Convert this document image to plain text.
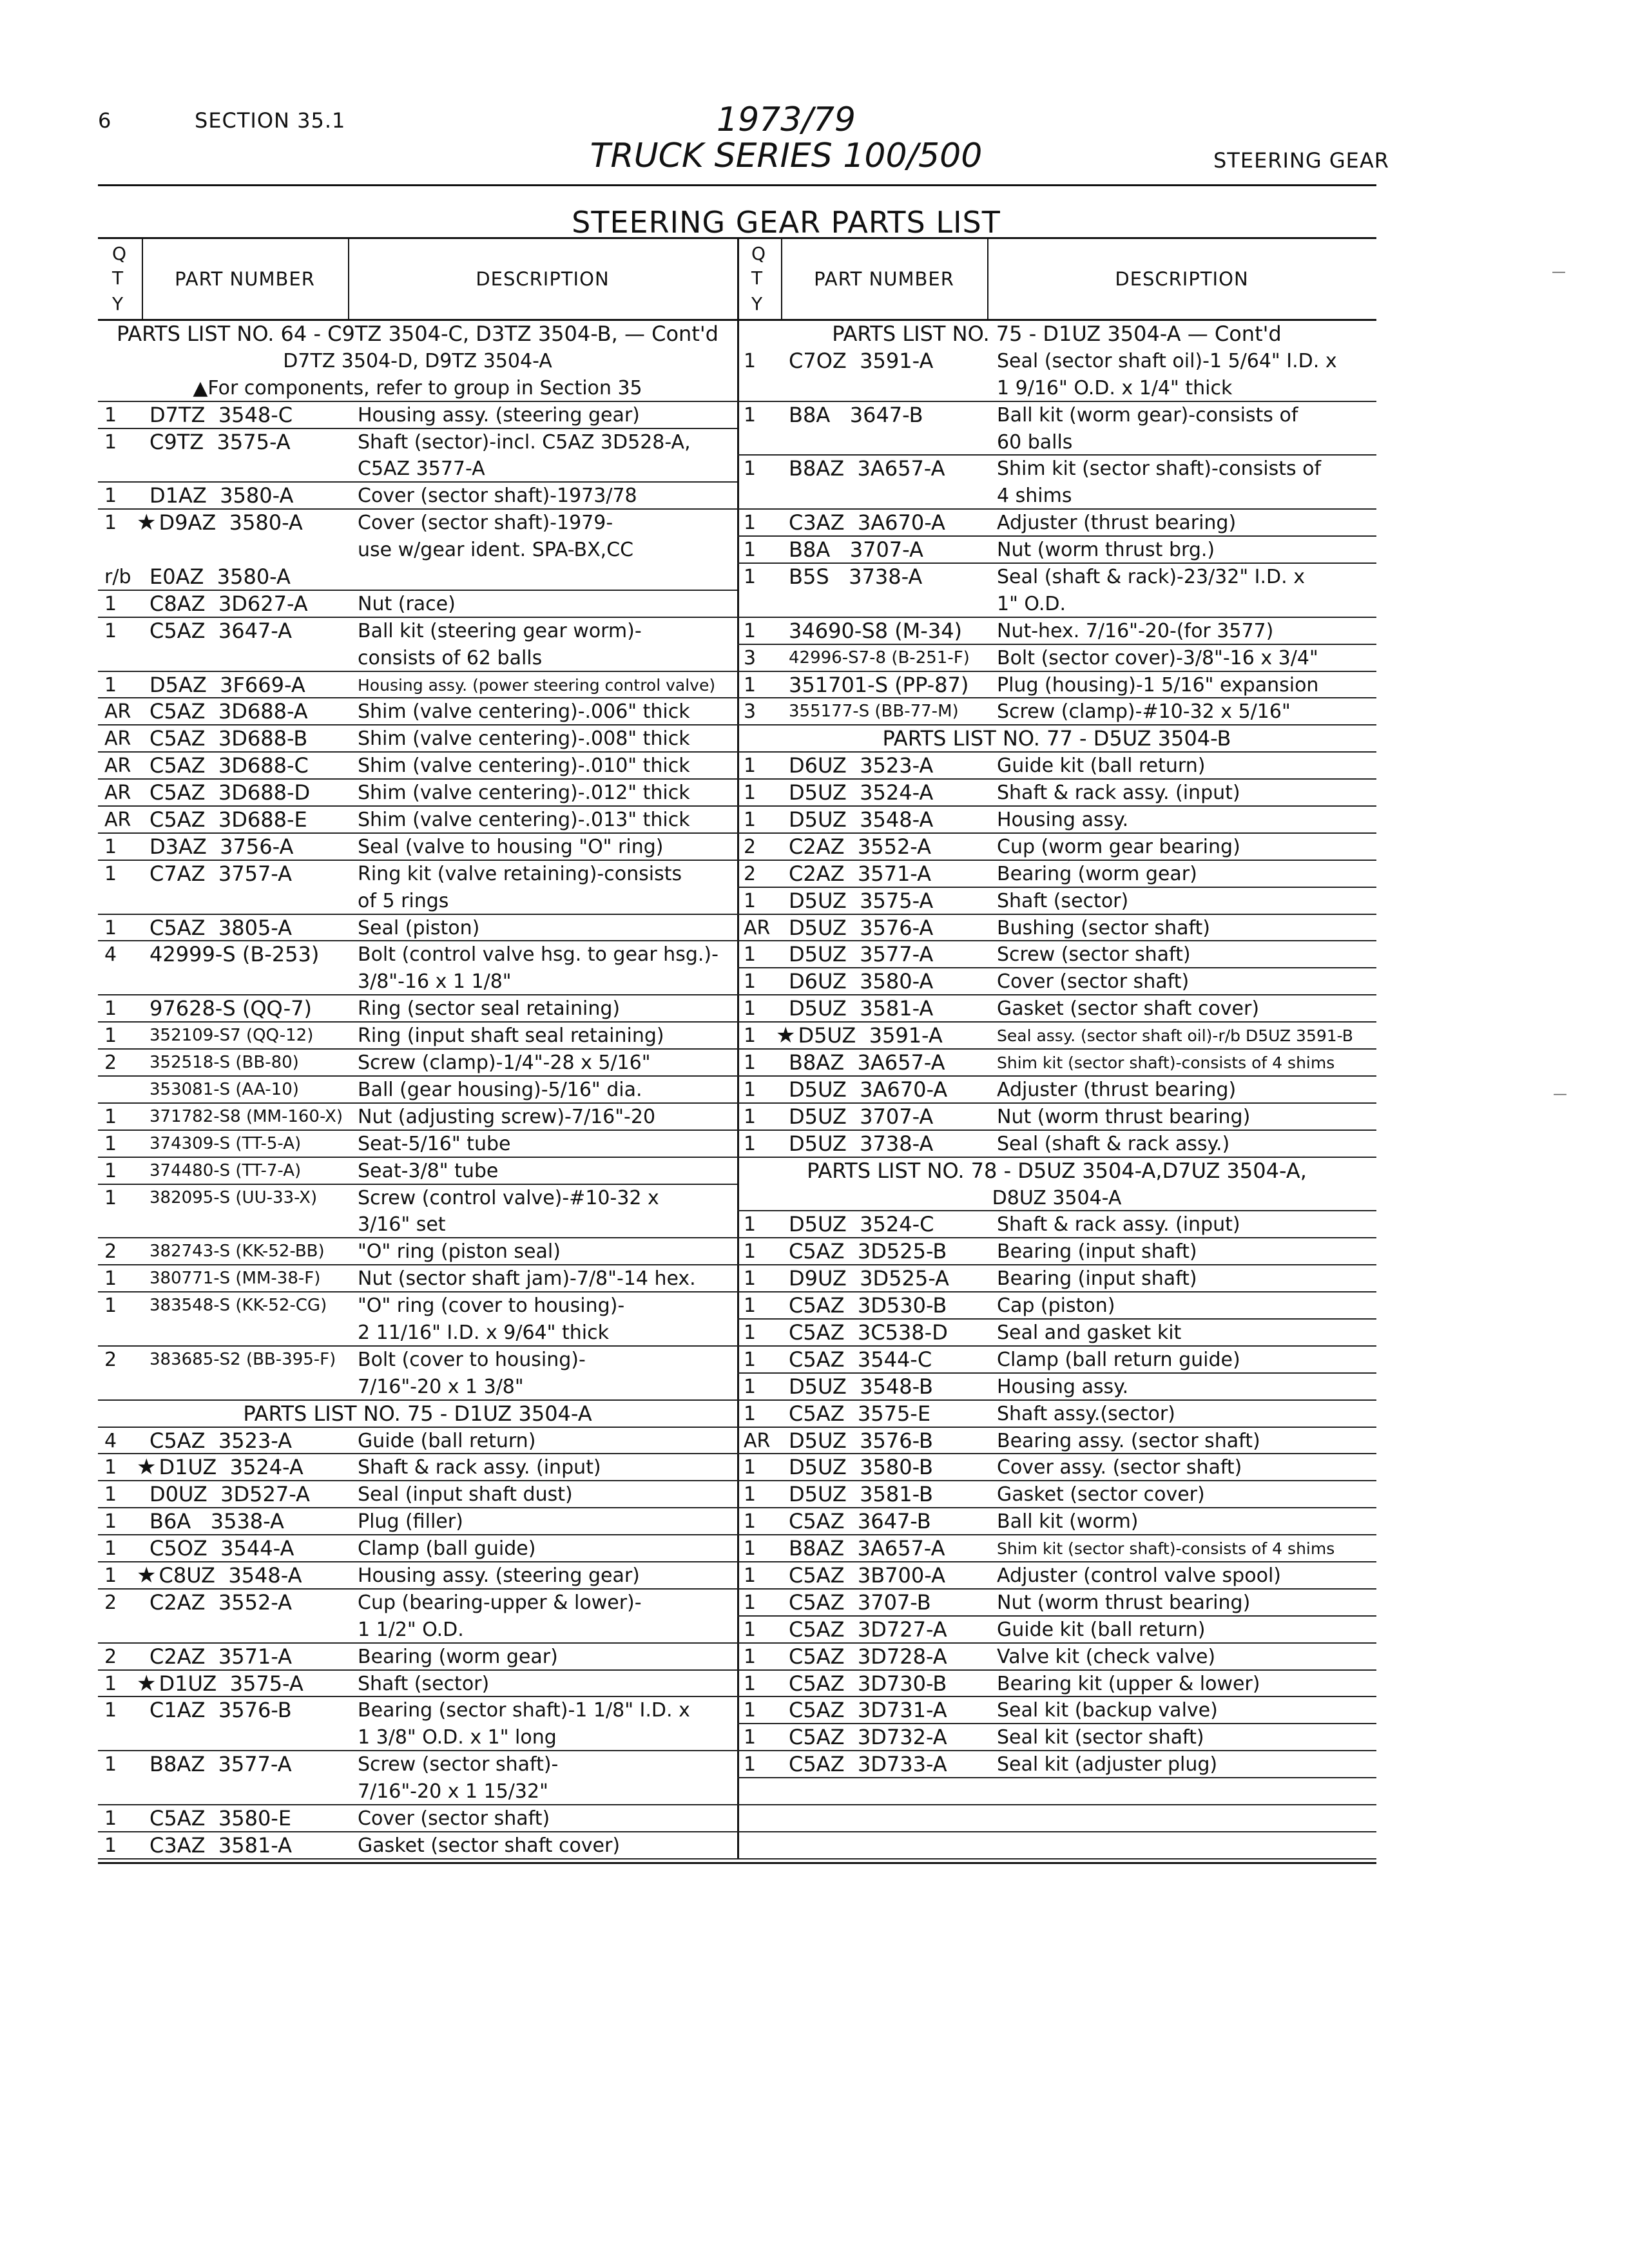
6	SECTION 35.1	1973/79
TRUCK SERIES 100/500	STEERING GEAR
STEERING GEAR PARTS LIST
Q
T
Y
PART NUMBER	DESCRIPTION
PARTS LIST NO. 64 - C9TZ 3504-C, D3TZ 3504-B, — Cont'd
D7TZ 3504-D, D9TZ 3504-A
▲For components, refer to group in Section 35
1	D7TZ  3548-C	Housing assy. (steering gear)
1	C9TZ  3575-A	Shaft (sector)-incl. C5AZ 3D528-A,
C5AZ 3577-A
1	D1AZ  3580-A	Cover (sector shaft)-1973/78
1 ★ D9AZ  3580-A	Cover (sector shaft)-1979-
use w/gear ident. SPA-BX,CC
r/b E0AZ  3580-A
1	C8AZ  3D627-A	Nut (race)
1	C5AZ  3647-A	Ball kit (steering gear worm)-
consists of 62 balls
1	D5AZ  3F669-A	Housing assy. (power steering control valve)
AR C5AZ  3D688-A	Shim (valve centering)-.006" thick
AR C5AZ  3D688-B	Shim (valve centering)-.008" thick
AR C5AZ  3D688-C	Shim (valve centering)-.010" thick
AR C5AZ  3D688-D Shim (valve centering)-.012" thick
AR C5AZ  3D688-E	Shim (valve centering)-.013" thick
1	D3AZ  3756-A	Seal (valve to housing "O" ring)
1	C7AZ  3757-A	Ring kit (valve retaining)-consists
of 5 rings
1	C5AZ  3805-A	Seal (piston)
4	42999-S (B-253) Bolt (control valve hsg. to gear hsg.)-
3/8"-16 x 1 1/8"
1	97628-S (QQ-7) Ring (sector seal retaining)
1	352109-S7 (QQ-12) Ring (input shaft seal retaining)
2	352518-S (BB-80)	Screw (clamp)-1/4"-28 x 5/16"
353081-S (AA-10)	Ball (gear housing)-5/16" dia.
1	371782-S8 (MM-160-X) Nut (adjusting screw)-7/16"-20
1	374309-S (TT-5-A)	Seat-5/16" tube
1	374480-S (TT-7-A)	Seat-3/8" tube
1	382095-S (UU-33-X) Screw (control valve)-#10-32 x
3/16" set
2	382743-S (KK-52-BB) "O" ring (piston seal)
1	380771-S (MM-38-F) Nut (sector shaft jam)-7/8"-14 hex.
1	383548-S (KK-52-CG) "O" ring (cover to housing)-
2 11/16" I.D. x 9/64" thick
2	383685-S2 (BB-395-F) Bolt (cover to housing)-
7/16"-20 x 1 3/8"
PARTS LIST NO. 75 - D1UZ 3504-A
4	C5AZ  3523-A	Guide (ball return)
1 ★ D1UZ  3524-A	Shaft & rack assy. (input)
1	D0UZ  3D527-A Seal (input shaft dust)
1	B6A   3538-A	Plug (filler)
1	C5OZ  3544-A	Clamp (ball guide)
1 ★ C8UZ  3548-A	Housing assy. (steering gear)
2	C2AZ  3552-A	Cup (bearing-upper & lower)-
1 1/2" O.D.
2	C2AZ  3571-A	Bearing (worm gear)
1 ★ D1UZ  3575-A	Shaft (sector)
1	C1AZ  3576-B	Bearing (sector shaft)-1 1/8" I.D. x
1 3/8" O.D. x 1" long
1	B8AZ  3577-A	Screw (sector shaft)-
7/16"-20 x 1 15/32"
1	C5AZ  3580-E	Cover (sector shaft)
1	C3AZ  3581-A	Gasket (sector shaft cover)
Q
T
Y
PART NUMBER	DESCRIPTION
PARTS LIST NO. 75 - D1UZ 3504-A — Cont'd
1	C7OZ  3591-A	Seal (sector shaft oil)-1 5/64" I.D. x
1 9/16" O.D. x 1/4" thick
1	B8A   3647-B	Ball kit (worm gear)-consists of
60 balls
1	B8AZ  3A657-A	Shim kit (sector shaft)-consists of
4 shims
1	C3AZ  3A670-A	Adjuster (thrust bearing)
1	B8A   3707-A	Nut (worm thrust brg.)
1	B5S   3738-A	Seal (shaft & rack)-23/32" I.D. x
1" O.D.
1	34690-S8 (M-34) Nut-hex. 7/16"-20-(for 3577)
3	42996-S7-8 (B-251-F) Bolt (sector cover)-3/8"-16 x 3/4"
1	351701-S (PP-87) Plug (housing)-1 5/16" expansion
3	355177-S (BB-77-M) Screw (clamp)-#10-32 x 5/16"
PARTS LIST NO. 77 - D5UZ 3504-B
1	D6UZ  3523-A	Guide kit (ball return)
1	D5UZ  3524-A	Shaft & rack assy. (input)
1	D5UZ  3548-A	Housing assy.
2	C2AZ  3552-A	Cup (worm gear bearing)
2	C2AZ  3571-A	Bearing (worm gear)
1	D5UZ  3575-A	Shaft (sector)
AR D5UZ  3576-A	Bushing (sector shaft)
1	D5UZ  3577-A	Screw (sector shaft)
1	D6UZ  3580-A	Cover (sector shaft)
1	D5UZ  3581-A	Gasket (sector shaft cover)
1 ★ D5UZ  3591-A	Seal assy. (sector shaft oil)-r/b D5UZ 3591-B
1	B8AZ  3A657-A	Shim kit (sector shaft)-consists of 4 shims
1	D5UZ  3A670-A	Adjuster (thrust bearing)
1	D5UZ  3707-A	Nut (worm thrust bearing)
1	D5UZ  3738-A	Seal (shaft & rack assy.)
PARTS LIST NO. 78 - D5UZ 3504-A,D7UZ 3504-A,
D8UZ 3504-A
1	D5UZ  3524-C	Shaft & rack assy. (input)
1	C5AZ  3D525-B	Bearing (input shaft)
1	D9UZ  3D525-A Bearing (input shaft)
1	C5AZ  3D530-B	Cap (piston)
1	C5AZ  3C538-D	Seal and gasket kit
1	C5AZ  3544-C	Clamp (ball return guide)
1	D5UZ  3548-B	Housing assy.
1	C5AZ  3575-E	Shaft assy.(sector)
AR D5UZ  3576-B	Bearing assy. (sector shaft)
1	D5UZ  3580-B	Cover assy. (sector shaft)
1	D5UZ  3581-B	Gasket (sector cover)
1	C5AZ  3647-B	Ball kit (worm)
1	B8AZ  3A657-A	Shim kit (sector shaft)-consists of 4 shims
1	C5AZ  3B700-A	Adjuster (control valve spool)
1	C5AZ  3707-B	Nut (worm thrust bearing)
1	C5AZ  3D727-A	Guide kit (ball return)
1	C5AZ  3D728-A	Valve kit (check valve)
1	C5AZ  3D730-B	Bearing kit (upper & lower)
1	C5AZ  3D731-A	Seal kit (backup valve)
1	C5AZ  3D732-A	Seal kit (sector shaft)
1	C5AZ  3D733-A	Seal kit (adjuster plug)
—
—
